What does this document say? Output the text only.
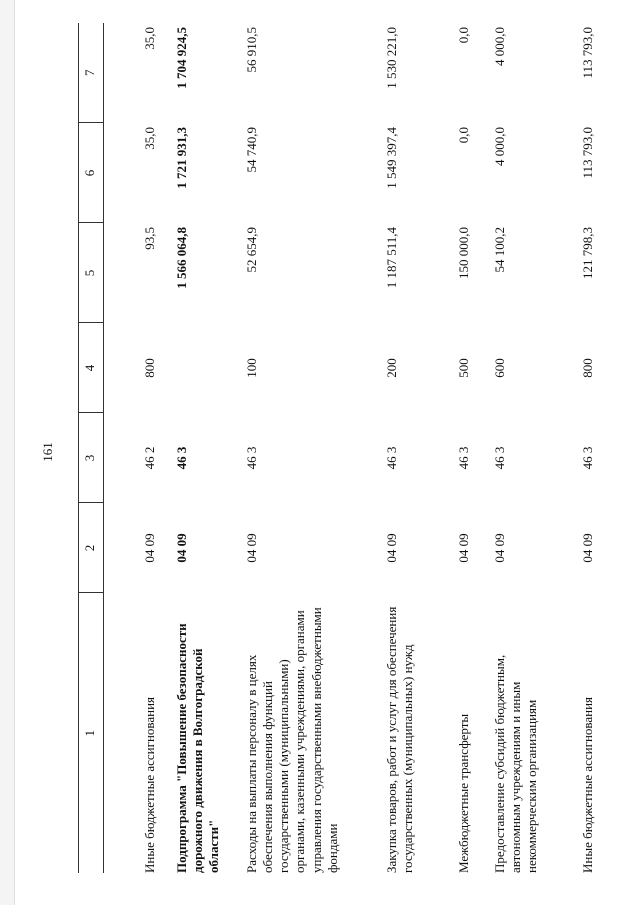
161
1	2	3	4	5	6	7
Иные бюджетные ассигнования	04 09	46 2	800	93,5	35,0	35,0
Подпрограмма "Повышение безопасности дорожного движения в Волгоградской области"	04 09	46 3		1 566 064,8	1 721 931,3	1 704 924,5
Расходы на выплаты персоналу в целях обеспечения выполнения функций государственными (муниципальными) органами, казенными учреждениями, органами управления государственными внебюджетными фондами	04 09	46 3	100	52 654,9	54 740,9	56 910,5
Закупка товаров, работ и услуг для обеспечения государственных (муниципальных) нужд	04 09	46 3	200	1 187 511,4	1 549 397,4	1 530 221,0
Межбюджетные трансферты	04 09	46 3	500	150 000,0	0,0	0,0
Предоставление субсидий бюджетным, автономным учреждениям и иным некоммерческим организациям	04 09	46 3	600	54 100,2	4 000,0	4 000,0
Иные бюджетные ассигнования	04 09	46 3	800	121 798,3	113 793,0	113 793,0
